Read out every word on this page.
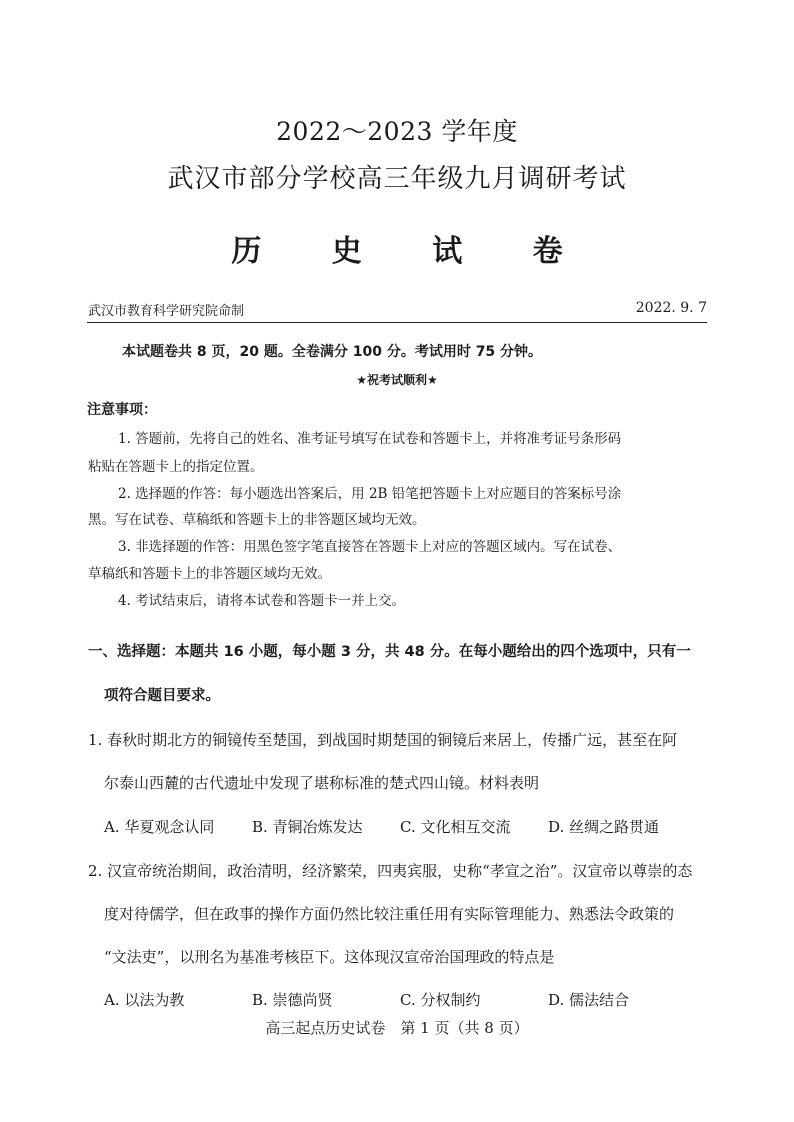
2022～2023 学年度
武汉市部分学校高三年级九月调研考试
历 史 试 卷
武汉市教育科学研究院命制	2022. 9. 7
本试题卷共 8 页，20 题。全卷满分 100 分。考试用时 75 分钟。
★祝考试顺利★
注意事项：
1. 答题前，先将自己的姓名、准考证号填写在试卷和答题卡上，并将准考证号条形码
粘贴在答题卡上的指定位置。
2. 选择题的作答：每小题选出答案后，用 2B 铅笔把答题卡上对应题目的答案标号涂
黑。写在试卷、草稿纸和答题卡上的非答题区域均无效。
3. 非选择题的作答：用黑色签字笔直接答在答题卡上对应的答题区域内。写在试卷、
草稿纸和答题卡上的非答题区域均无效。
4. 考试结束后，请将本试卷和答题卡一并上交。
一、选择题：本题共 16 小题，每小题 3 分，共 48 分。在每小题给出的四个选项中，只有一
项符合题目要求。
1. 春秋时期北方的铜镜传至楚国，到战国时期楚国的铜镜后来居上，传播广远，甚至在阿
尔泰山西麓的古代遗址中发现了堪称标准的楚式四山镜。材料表明
A. 华夏观念认同	B. 青铜冶炼发达 C. 文化相互交流	D. 丝绸之路贯通
2. 汉宣帝统治期间，政治清明，经济繁荣，四夷宾服，史称“孝宣之治”。汉宣帝以尊崇的态
度对待儒学，但在政事的操作方面仍然比较注重任用有实际管理能力、熟悉法令政策的
“文法吏”，以刑名为基准考核臣下。这体现汉宣帝治国理政的特点是
A. 以法为教	B. 崇德尚贤	C. 分权制约	D. 儒法结合
高三起点历史试卷　第 1 页（共 8 页）
